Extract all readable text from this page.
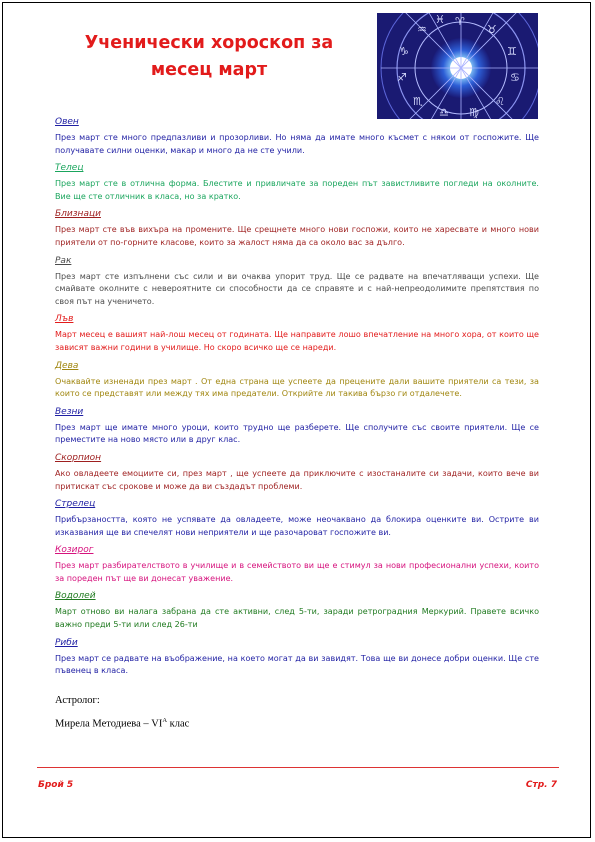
Ученически хороскоп за
месец март
♈
♉
♊
♋
♌
♍
♎
♏
♐
♑
♒
♓
Овен
През март сте много предпазливи и прозорливи. Но няма да имате много късмет с някои от госпожите. Ще получавате силни оценки, макар и много да не сте учили.
Телец
През март сте в отлична форма. Блестите и привличате за пореден път завистливите погледи на околните. Вие ще сте отличник в класа, но за кратко.
Близнаци
През март сте във вихъра на промените. Ще срещнете много нови госпожи, които не харесвате и много нови приятели от по-горните класове, които за жалост няма да са около вас за дълго.
Рак
През март сте изпълнени със сили и ви очаква упорит труд. Ще се радвате на впечатляващи успехи. Ще смайвате околните с невероятните си способности да се справяте и с най-непреодолимите препятствия по своя път на ученичето.
Лъв
Март месец е вашият най-лош месец от годината. Ще направите лошо впечатление на много хора, от които ще зависят важни години в училище. Но скоро всичко ще се нареди.
Дева
Очаквайте изненади през март . От една страна ще успеете да прецените дали вашите приятели са тези, за които се представят или между тях има предатели. Открийте ли такива бързо ги отдалечете.
Везни
През март ще имате много уроци, които трудно ще разберете. Ще сполучите със своите приятели. Ще се преместите на ново място или в друг клас.
Скорпион
Ако овладеете емоциите си, през март , ще успеете да приключите с изостаналите си задачи, които вече ви притискат със срокове и може да ви създадът проблеми.
Стрелец
Прибързаността, която не успявате да овладеете, може неочаквано да блокира оценките ви. Острите ви изказвания ще ви спечелят нови неприятели и ще разочароват госпожите ви.
Козирог
През март разбирателството в училище и в семейството ви ще е стимул за нови професионални успехи, които за пореден път ще ви донесат уважение.
Водолей
Март отново ви налага забрана да сте активни, след 5-ти, заради ретроградния Меркурий. Правете всичко важно преди 5-ти или след 26-ти
Риби
През март се радвате на въображение, на което могат да ви завидят. Това ще ви донесе добри оценки. Ще сте пъвенец в класа.
Астролог:
Мирела Методиева – $VI^А$ клас
Брой 5	Стр. 7
